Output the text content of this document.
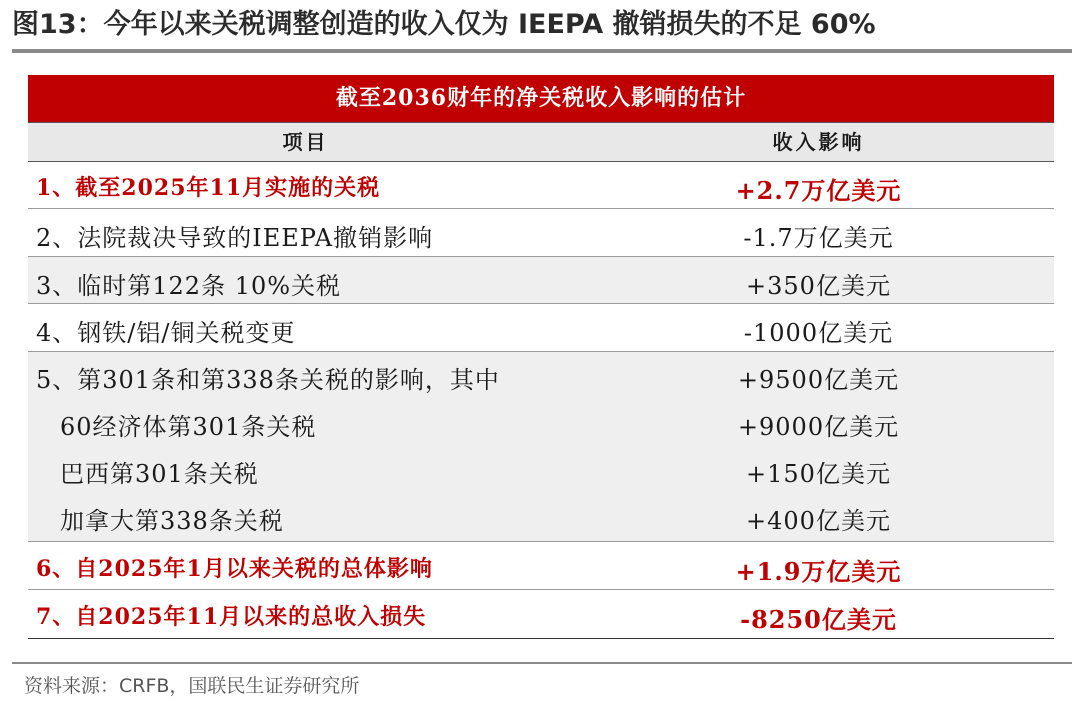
图13：今年以来关税调整创造的收入仅为 IEEPA 撤销损失的不足 60%
截至2036财年的净关税收入影响的估计
项目	收入影响
1、截至2025年11月实施的关税	+2.7万亿美元
2、法院裁决导致的IEEPA撤销影响	-1.7万亿美元
3、临时第122条 10%关税	+350亿美元
4、钢铁/铝/铜关税变更	-1000亿美元
5、第301条和第338条关税的影响，其中	+9500亿美元
60经济体第301条关税	+9000亿美元
巴西第301条关税	+150亿美元
加拿大第338条关税	+400亿美元
6、自2025年1月以来关税的总体影响	+1.9万亿美元
7、自2025年11月以来的总收入损失	-8250亿美元
资料来源：CRFB，国联民生证券研究所
